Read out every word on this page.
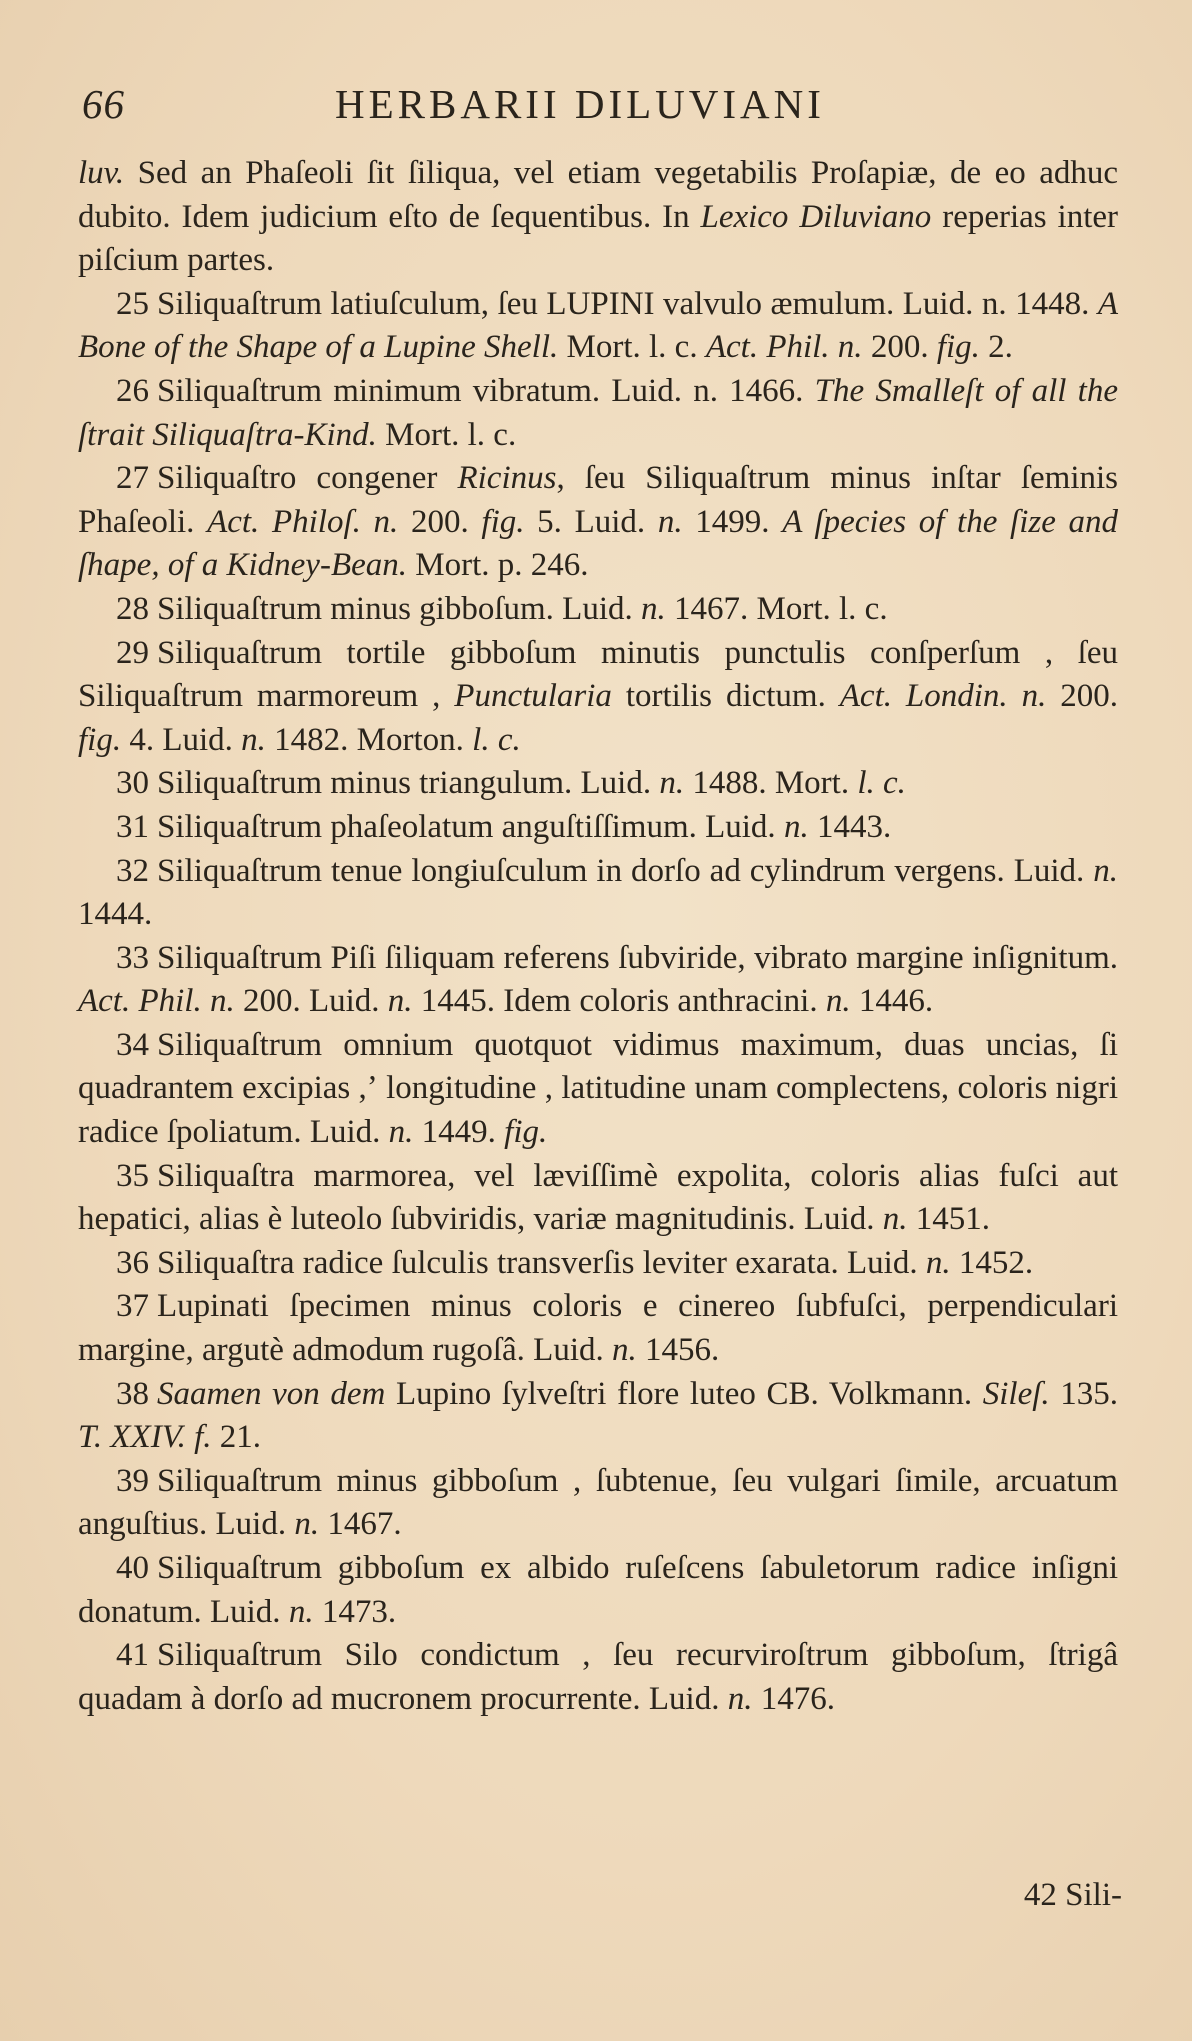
66	HERBARII DILUVIANI

luv. Sed an Phaſeoli ſit ſiliqua, vel etiam vegetabilis Proſapiæ, de eo adhuc dubito. Idem judicium eſto de ſequentibus. In Lexico Diluviano reperias inter piſcium partes.

25 Siliquaſtrum latiuſculum, ſeu LUPINI valvulo æmulum. Luid. n. 1448. A Bone of the Shape of a Lupine Shell. Mort. l. c. Act. Phil. n. 200. fig. 2.

26 Siliquaſtrum minimum vibratum. Luid. n. 1466. The Smalleſt of all the ſtrait Siliquaſtra-Kind. Mort. l. c.

27 Siliquaſtro congener Ricinus, ſeu Siliquaſtrum minus inſtar ſeminis Phaſeoli. Act. Philoſ. n. 200. fig. 5. Luid. n. 1499. A ſpecies of the ſize and ſhape, of a Kidney-Bean. Mort. p. 246.

28 Siliquaſtrum minus gibboſum. Luid. n. 1467. Mort. l. c.

29 Siliquaſtrum tortile gibboſum minutis punctulis conſperſum , ſeu Siliquaſtrum marmoreum , Punctularia tortilis dictum. Act. Londin. n. 200. fig. 4. Luid. n. 1482. Morton. l. c.

30 Siliquaſtrum minus triangulum. Luid. n. 1488. Mort. l. c.

31 Siliquaſtrum phaſeolatum anguſtiſſimum. Luid. n. 1443.

32 Siliquaſtrum tenue longiuſculum in dorſo ad cylindrum vergens. Luid. n. 1444.

33 Siliquaſtrum Piſi ſiliquam referens ſubviride, vibrato margine inſignitum. Act. Phil. n. 200. Luid. n. 1445. Idem coloris anthracini. n. 1446.

34 Siliquaſtrum omnium quotquot vidimus maximum, duas uncias, ſi quadrantem excipias ,ʼ longitudine , latitudine unam complectens, coloris nigri radice ſpoliatum. Luid. n. 1449. fig.

35 Siliquaſtra marmorea, vel læviſſimè expolita, coloris alias fuſci aut hepatici, alias è luteolo ſubviridis, variæ magnitudinis. Luid. n. 1451.

36 Siliquaſtra radice ſulculis transverſis leviter exarata. Luid. n. 1452.

37 Lupinati ſpecimen minus coloris e cinereo ſubfuſci, perpendiculari margine, argutè admodum rugoſâ. Luid. n. 1456.

38 Saamen von dem Lupino ſylveſtri flore luteo CB. Volkmann. Sileſ. 135. T. XXIV. f. 21.

39 Siliquaſtrum minus gibboſum , ſubtenue, ſeu vulgari ſimile, arcuatum anguſtius. Luid. n. 1467.

40 Siliquaſtrum gibboſum ex albido ruſeſcens ſabuletorum radice inſigni donatum. Luid. n. 1473.

41 Siliquaſtrum Silo condictum , ſeu recurviroſtrum gibboſum, ſtrigâ quadam à dorſo ad mucronem procurrente. Luid. n. 1476.

42 Sili-
